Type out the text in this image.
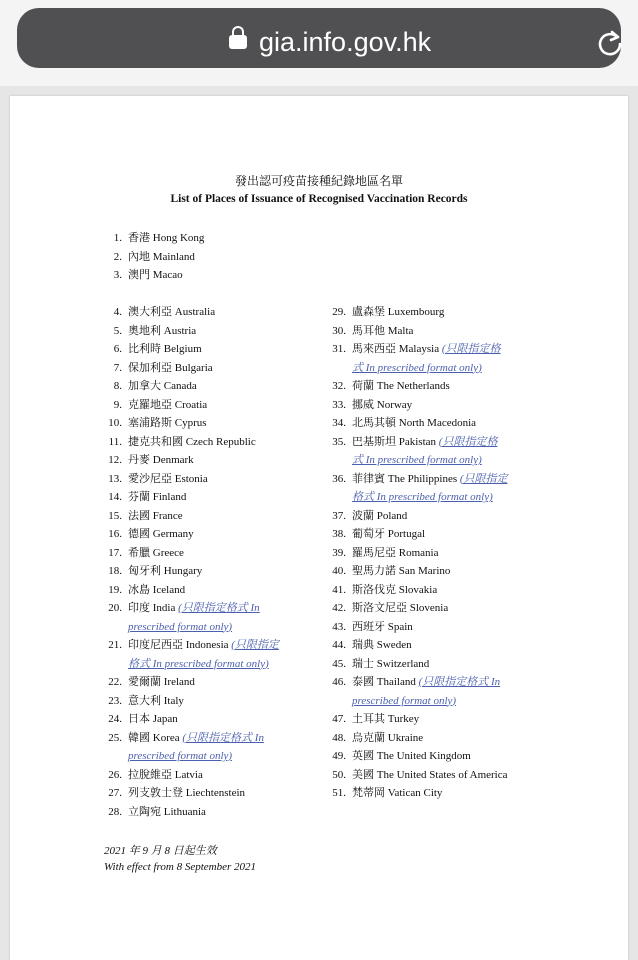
gia.info.gov.hk
發出認可疫苗接種紀錄地區名單
List of Places of Issuance of Recognised Vaccination Records
1. 香港 Hong Kong
2. 內地 Mainland
3. 澳門 Macao
4. 澳大利亞 Australia
5. 奧地利 Austria
6. 比利時 Belgium
7. 保加利亞 Bulgaria
8. 加拿大 Canada
9. 克羅地亞 Croatia
10. 塞浦路斯 Cyprus
11. 捷克共和國 Czech Republic
12. 丹麥 Denmark
13. 愛沙尼亞 Estonia
14. 芬蘭 Finland
15. 法國 France
16. 德國 Germany
17. 希臘 Greece
18. 匈牙利 Hungary
19. 冰島 Iceland
20. 印度 India (只限指定格式 In
prescribed format only)
21. 印度尼西亞 Indonesia (只限指定
格式 In prescribed format only)
22. 愛爾蘭 Ireland
23. 意大利 Italy
24. 日本 Japan
25. 韓國 Korea (只限指定格式 In
prescribed format only)
26. 拉脫維亞 Latvia
27. 列支敦士登 Liechtenstein
28. 立陶宛 Lithuania
29. 盧森堡 Luxembourg
30. 馬耳他 Malta
31. 馬來西亞 Malaysia (只限指定格
式 In prescribed format only)
32. 荷蘭 The Netherlands
33. 挪威 Norway
34. 北馬其頓 North Macedonia
35. 巴基斯坦 Pakistan (只限指定格
式 In prescribed format only)
36. 菲律賓 The Philippines (只限指定
格式 In prescribed format only)
37. 波蘭 Poland
38. 葡萄牙 Portugal
39. 羅馬尼亞 Romania
40. 聖馬力諾 San Marino
41. 斯洛伐克 Slovakia
42. 斯洛文尼亞 Slovenia
43. 西班牙 Spain
44. 瑞典 Sweden
45. 瑞士 Switzerland
46. 泰國 Thailand (只限指定格式 In
prescribed format only)
47. 土耳其 Turkey
48. 烏克蘭 Ukraine
49. 英國 The United Kingdom
50. 美國 The United States of America
51. 梵蒂岡 Vatican City
2021 年 9 月 8 日起生效
With effect from 8 September 2021
